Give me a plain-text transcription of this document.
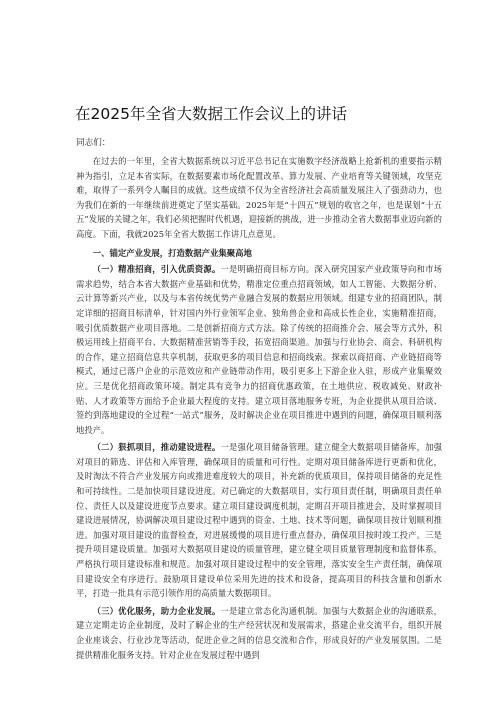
在2025年全省大数据工作会议上的讲话

同志们：

在过去的一年里，全省大数据系统以习近平总书记在实施数字经济战略上抢新机的重要指示精神为指引，立足本省实际，在数据要素市场化配置改革、算力发展、产业培育等关键领域，攻坚克难，取得了一系列令人瞩目的成就。这些成绩不仅为全省经济社会高质量发展注入了强劲动力，也为我们在新的一年继续前进奠定了坚实基础。2025年是“十四五”规划的收官之年，也是谋划“十五五”发展的关键之年，我们必须把握时代机遇，迎接新的挑战，进一步推动全省大数据事业迈向新的高度。下面，我就2025年全省大数据工作讲几点意见。

一、锚定产业发展，打造数据产业集聚高地

（一）精准招商，引入优质资源。一是明确招商目标方向。深入研究国家产业政策导向和市场需求趋势，结合本省大数据产业基础和优势，精准定位重点招商领域，如人工智能、大数据分析、云计算等新兴产业，以及与本省传统优势产业融合发展的数据应用领域。组建专业的招商团队，制定详细的招商目标清单，针对国内外行业领军企业、独角兽企业和高成长性企业，实施精准招商，吸引优质数据产业项目落地。二是创新招商方式方法。除了传统的招商推介会、展会等方式外，积极运用线上招商平台、大数据精准营销等手段，拓宽招商渠道。加强与行业协会、商会、科研机构的合作，建立招商信息共享机制，获取更多的项目信息和招商线索。探索以商招商、产业链招商等模式，通过已落户企业的示范效应和产业链带动作用，吸引更多上下游企业入驻，形成产业集聚效应。三是优化招商政策环境。制定具有竞争力的招商优惠政策，在土地供应、税收减免、财政补贴、人才政策等方面给予企业最大程度的支持。建立项目落地服务专班，为企业提供从项目洽谈、签约到落地建设的全过程“一站式”服务，及时解决企业在项目推进中遇到的问题，确保项目顺利落地投产。

（二）狠抓项目，推动建设进程。一是强化项目储备管理。建立健全大数据项目储备库，加强对项目的筛选、评估和入库管理，确保项目的质量和可行性。定期对项目储备库进行更新和优化，及时淘汰不符合产业发展方向或推进难度较大的项目，补充新的优质项目，保持项目储备的充足性和可持续性。二是加快项目建设进度。对已确定的大数据项目，实行项目责任制，明确项目责任单位、责任人以及建设进度节点要求。建立项目建设调度机制，定期召开项目推进会，及时掌握项目建设进展情况，协调解决项目建设过程中遇到的资金、土地、技术等问题，确保项目按计划顺利推进。加强对项目建设的监督检查，对进展缓慢的项目进行重点督办，确保项目按时竣工投产。三是提升项目建设质量。加强对大数据项目建设的质量管理，建立健全项目质量管理制度和监督体系，严格执行项目建设标准和规范。加强对项目建设过程中的安全管理，落实安全生产责任制，确保项目建设安全有序进行。鼓励项目建设单位采用先进的技术和设备，提高项目的科技含量和创新水平，打造一批具有示范引领作用的高质量大数据项目。

（三）优化服务，助力企业发展。一是建立常态化沟通机制。加强与大数据企业的沟通联系，建立定期走访企业制度，及时了解企业的生产经营状况和发展需求，搭建企业交流平台，组织开展企业座谈会、行业沙龙等活动，促进企业之间的信息交流和合作，形成良好的产业发展氛围。二是提供精准化服务支持。针对企业在发展过程中遇到
